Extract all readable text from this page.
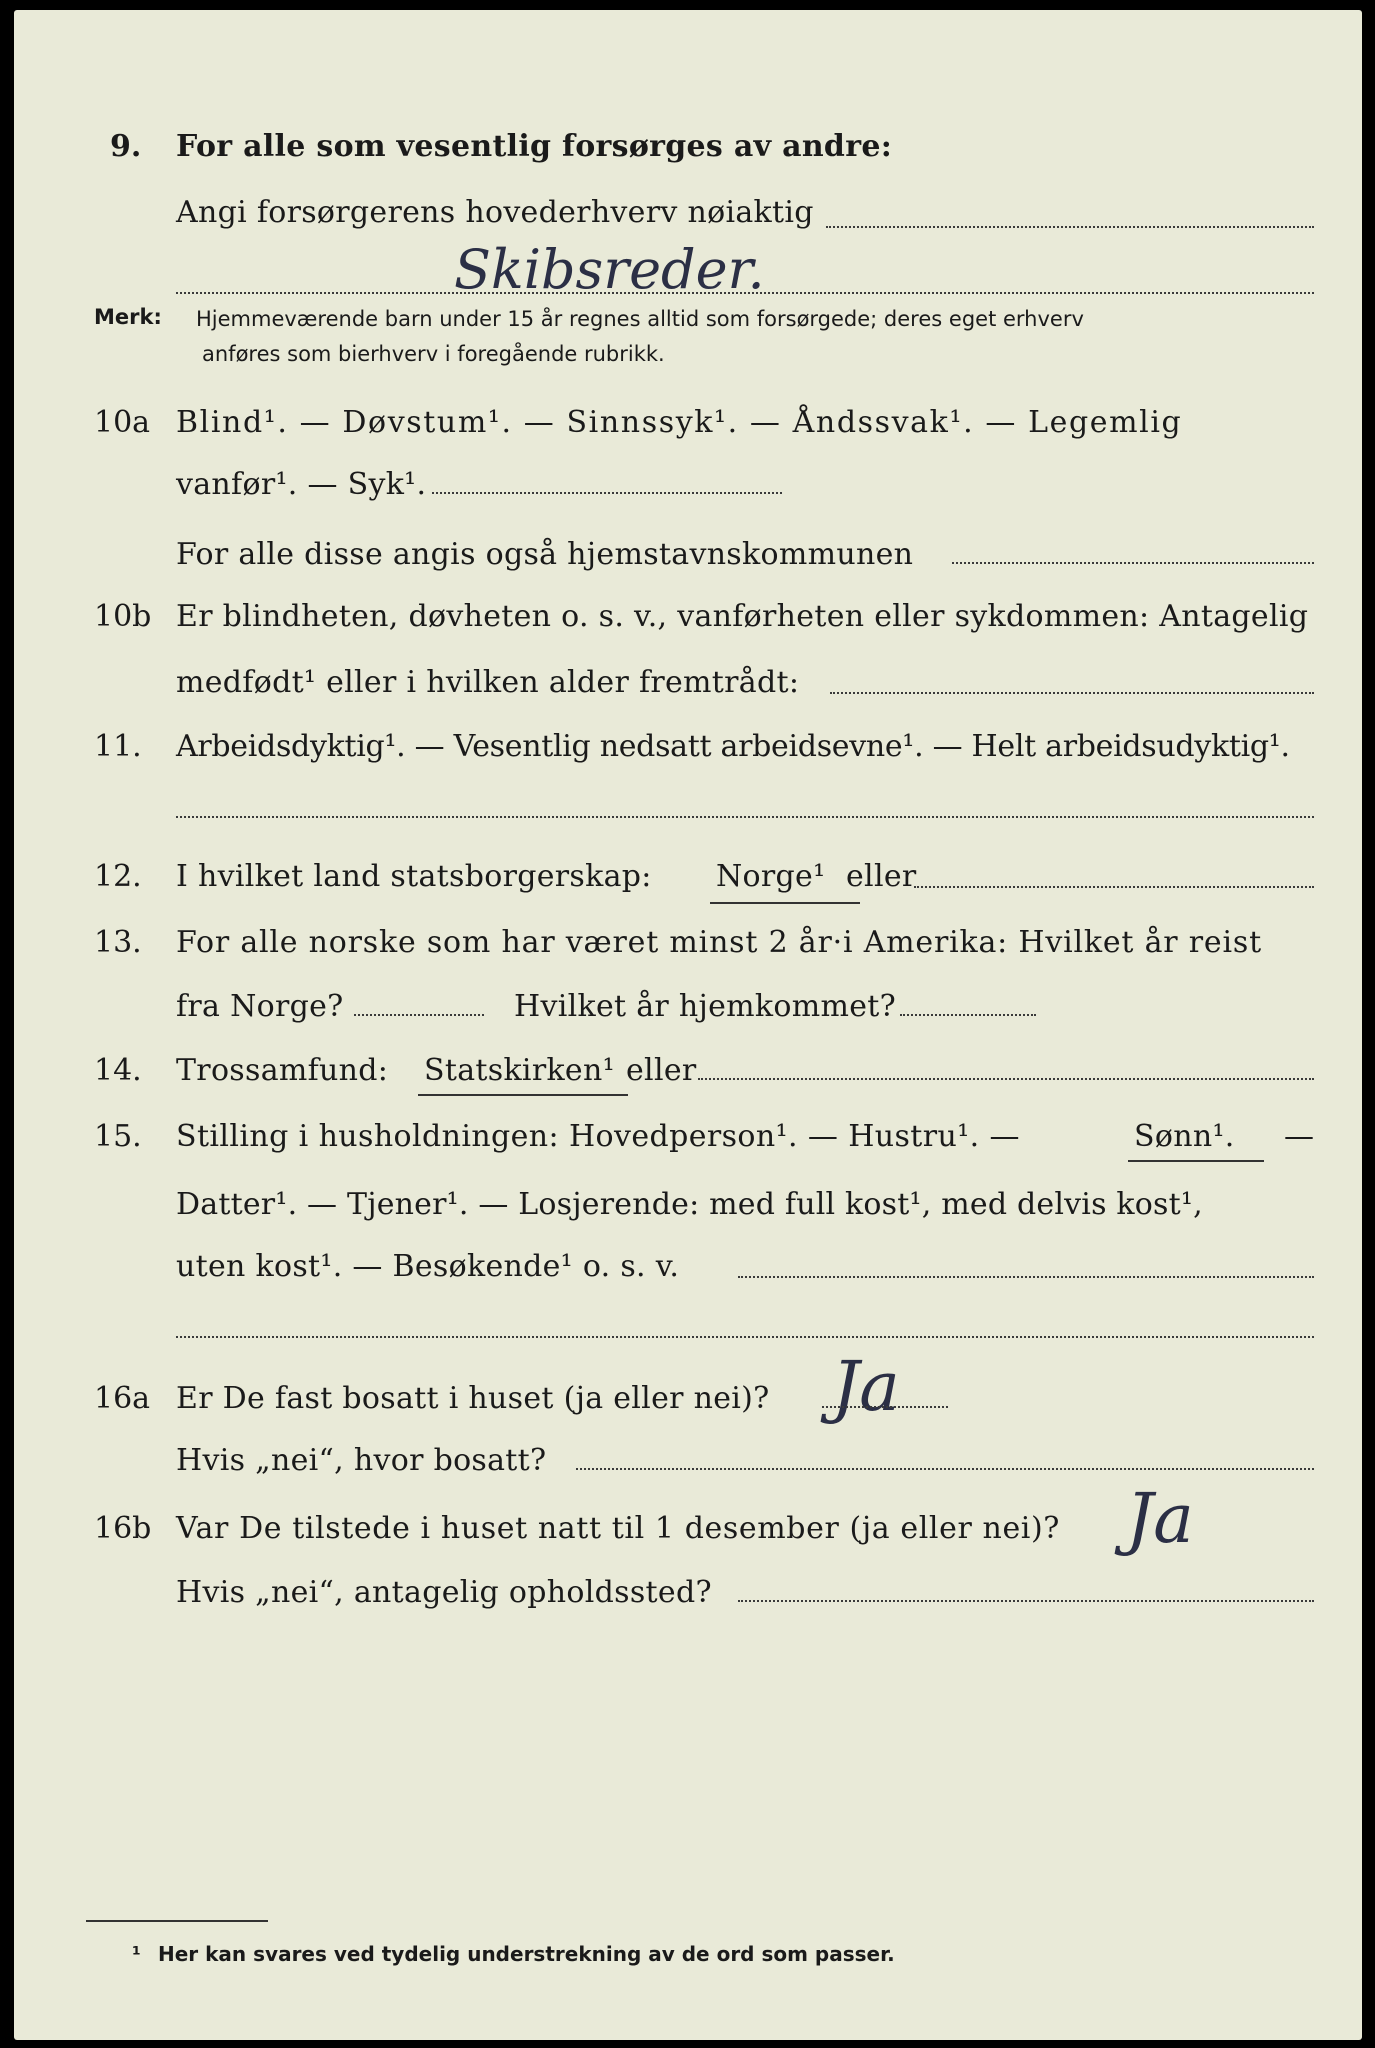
9. For alle som vesentlig forsørges av andre:
Angi forsørgerens hovederhverv nøiaktig
Skibsreder.
Merk: Hjemmeværende barn under 15 år regnes alltid som forsørgede; deres eget erhverv
anføres som bierhverv i foregående rubrikk.
10a Blind¹. — Døvstum¹. — Sinnssyk¹. — Åndssvak¹. — Legemlig
vanfør¹. — Syk¹.
For alle disse angis også hjemstavnskommunen
10b Er blindheten, døvheten o. s. v., vanførheten eller sykdommen: Antagelig
medfødt¹ eller i hvilken alder fremtrådt:
11. Arbeidsdyktig¹. — Vesentlig nedsatt arbeidsevne¹. — Helt arbeidsudyktig¹.
12. I hvilket land statsborgerskap: Norge¹ eller
13. For alle norske som har været minst 2 år·i Amerika: Hvilket år reist
fra Norge?	Hvilket år hjemkommet?
14. Trossamfund: Statskirken¹ eller
15. Stilling i husholdningen: Hovedperson¹. — Hustru¹. —	Sønn¹. —
Datter¹. — Tjener¹. — Losjerende: med full kost¹, med delvis kost¹,
uten kost¹. — Besøkende¹ o. s. v.
16a Er De fast bosatt i huset (ja eller nei)? Ja
Hvis „nei“, hvor bosatt?
16b Var De tilstede i huset natt til 1 desember (ja eller nei)? Ja
Hvis „nei“, antagelig opholdssted?
¹ Her kan svares ved tydelig understrekning av de ord som passer.
